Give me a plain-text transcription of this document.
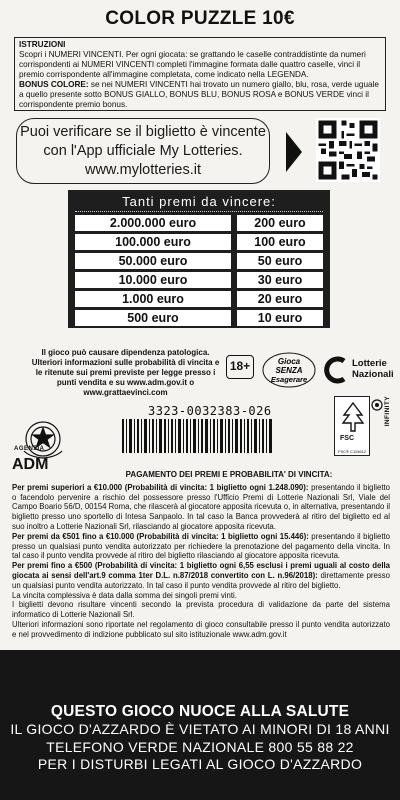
COLOR PUZZLE 10€

ISTRUZIONI

Scopri i NUMERI VINCENTI. Per ogni giocata: se grattando le caselle contraddistinte da numeri corrispondenti ai NUMERI VINCENTI completi l'immagine formata dalle quattro caselle, vinci il premio corrispondente all'immagine completata, come indicato nella LEGENDA.

BONUS COLORE: se nei NUMERI VINCENTI hai trovato un numero giallo, blu, rosa, verde uguale a quello presente sotto BONUS GIALLO, BONUS BLU, BONUS ROSA e BONUS VERDE vinci il corrispondente premio bonus.

Puoi verificare se il biglietto è vincente
con l'App ufficiale My Lotteries.
www.mylotteries.it
Tanti premi da vincere:
2.000.000 euro	200 euro
100.000 euro	100 euro
50.000 euro	50 euro
10.000 euro	30 euro
1.000 euro	20 euro
500 euro	10 euro
Il gioco può causare dipendenza patologica. Ulteriori informazioni sulle probabilità di vincita e le ritenute sui premi previste per legge presso i punti vendita e su www.adm.gov.it o www.grattaevinci.com
18+	Gioca
SENZA
Esagerare
Lotterie Nazionali
3323-0032383-026
AGENZIA
ADM
FSC
FSC® C115612
INFINITY
PAGAMENTO DEI PREMI E PROBABILITA' DI VINCITA:

Per premi superiori a €10.000 (Probabilità di vincita: 1 biglietto ogni 1.248.090): presentando il biglietto o facendolo pervenire a rischio del possessore presso l'Ufficio Premi di Lotterie Nazionali Srl, Viale del Campo Boario 56/D, 00154 Roma, che rilascerà al giocatore apposita ricevuta o, in alternativa, presentando il biglietto presso uno sportello di Intesa Sanpaolo. In tal caso la Banca provvederà al ritiro del biglietto ed al suo inoltro a Lotterie Nazionali Srl, rilasciando al giocatore apposita ricevuta.

Per premi da €501 fino a €10.000 (Probabilità di vincita: 1 biglietto ogni 15.446): presentando il biglietto presso un qualsiasi punto vendita autorizzato per richiedere la prenotazione del pagamento della vincita. In tal caso il punto vendita provvede al ritiro del biglietto rilasciando al giocatore apposita ricevuta.

Per premi fino a €500 (Probabilità di vincita: 1 biglietto ogni 6,55 esclusi i premi uguali al costo della giocata ai sensi dell'art.9 comma 1ter D.L. n.87/2018 convertito con L. n.96/2018): direttamente presso un qualsiasi punto vendita autorizzato. In tal caso il punto vendita provvede al ritiro del biglietto.

La vincita complessiva è data dalla somma dei singoli premi vinti.

I biglietti devono risultare vincenti secondo la prevista procedura di validazione da parte del sistema informatico di Lotterie Nazionali Srl.

Ulteriori informazioni sono riportate nel regolamento di gioco consultabile presso il punto vendita autorizzato e nel provvedimento di indizione pubblicato sul sito istituzionale www.adm.gov.it

QUESTO GIOCO NUOCE ALLA SALUTE
IL GIOCO D'AZZARDO È VIETATO AI MINORI DI 18 ANNI
TELEFONO VERDE NAZIONALE 800 55 88 22
PER I DISTURBI LEGATI AL GIOCO D'AZZARDO
